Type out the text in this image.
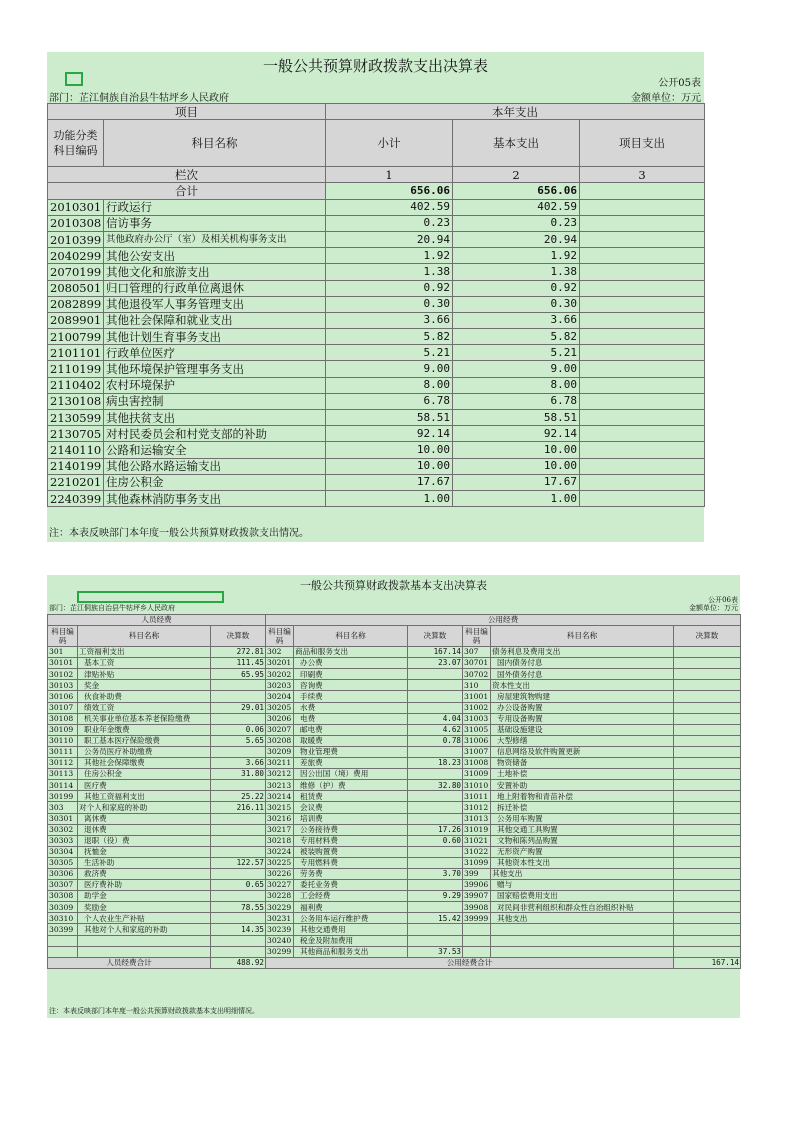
一般公共预算财政拨款支出决算表
公开05表
部门：芷江侗族自治县牛牯坪乡人民政府	金额单位：万元
项目		本年支出		
功能分类科目编码	科目名称	小计	基本支出	项目支出
栏次		1	2	3
合计		656.06	656.06	
2010301	行政运行	402.59	402.59	
2010308	信访事务	0.23	0.23	
2010399	其他政府办公厅（室）及相关机构事务支出	20.94	20.94	
2040299	其他公安支出	1.92	1.92	
2070199	其他文化和旅游支出	1.38	1.38	
2080501	归口管理的行政单位离退休	0.92	0.92	
2082899	其他退役军人事务管理支出	0.30	0.30	
2089901	其他社会保障和就业支出	3.66	3.66	
2100799	其他计划生育事务支出	5.82	5.82	
2101101	行政单位医疗	5.21	5.21	
2110199	其他环境保护管理事务支出	9.00	9.00	
2110402	农村环境保护	8.00	8.00	
2130108	病虫害控制	6.78	6.78	
2130599	其他扶贫支出	58.51	58.51	
2130705	对村民委员会和村党支部的补助	92.14	92.14	
2140110	公路和运输安全	10.00	10.00	
2140199	其他公路水路运输支出	10.00	10.00	
2210201	住房公积金	17.67	17.67	
2240399	其他森林消防事务支出	1.00	1.00	
注：本表反映部门本年度一般公共预算财政拨款支出情况。
一般公共预算财政拨款基本支出决算表
公开06表
部门：芷江侗族自治县牛牯坪乡人民政府	金额单位：万元
人员经费			公用经费					
科目编码	科目名称	决算数	科目编码	科目名称	决算数	科目编码	科目名称	决算数
301	工资福利支出	272.81	302	商品和服务支出	167.14	307	债务利息及费用支出	
30101	基本工资	111.45	30201	办公费	23.07	30701	国内债务付息	
30102	津贴补贴	65.95	30202	印刷费		30702	国外债务付息	
30103	奖金		30203	咨询费		310	资本性支出	
30106	伙食补助费		30204	手续费		31001	房屋建筑物购建	
30107	绩效工资	29.01	30205	水费		31002	办公设备购置	
30108	机关事业单位基本养老保险缴费		30206	电费	4.04	31003	专用设备购置	
30109	职业年金缴费	0.06	30207	邮电费	4.62	31005	基础设施建设	
30110	职工基本医疗保险缴费	5.65	30208	取暖费	0.78	31006	大型修缮	
30111	公务员医疗补助缴费		30209	物业管理费		31007	信息网络及软件购置更新	
30112	其他社会保障缴费	3.66	30211	差旅费	18.23	31008	物资储备	
30113	住房公积金	31.80	30212	因公出国（境）费用		31009	土地补偿	
30114	医疗费		30213	维修（护）费	32.80	31010	安置补助	
30199	其他工资福利支出	25.22	30214	租赁费		31011	地上附着物和青苗补偿	
303	对个人和家庭的补助	216.11	30215	会议费		31012	拆迁补偿	
30301	离休费		30216	培训费		31013	公务用车购置	
30302	退休费		30217	公务接待费	17.26	31019	其他交通工具购置	
30303	退职（役）费		30218	专用材料费	0.60	31021	文物和陈列品购置	
30304	抚恤金		30224	被装购置费		31022	无形资产购置	
30305	生活补助	122.57	30225	专用燃料费		31099	其他资本性支出	
30306	救济费		30226	劳务费	3.70	399	其他支出	
30307	医疗费补助	0.65	30227	委托业务费		39906	赠与	
30308	助学金		30228	工会经费	9.29	39907	国家赔偿费用支出	
30309	奖励金	78.55	30229	福利费		39908	对民间非营利组织和群众性自治组织补贴	
30310	个人农业生产补贴		30231	公务用车运行维护费	15.42	39999	其他支出	
30399	其他对个人和家庭的补助	14.35	30239	其他交通费用				
			30240	税金及附加费用				
			30299	其他商品和服务支出	37.53			
人员经费合计		488.92	公用经费合计					167.14
注：本表反映部门本年度一般公共预算财政拨款基本支出明细情况。
